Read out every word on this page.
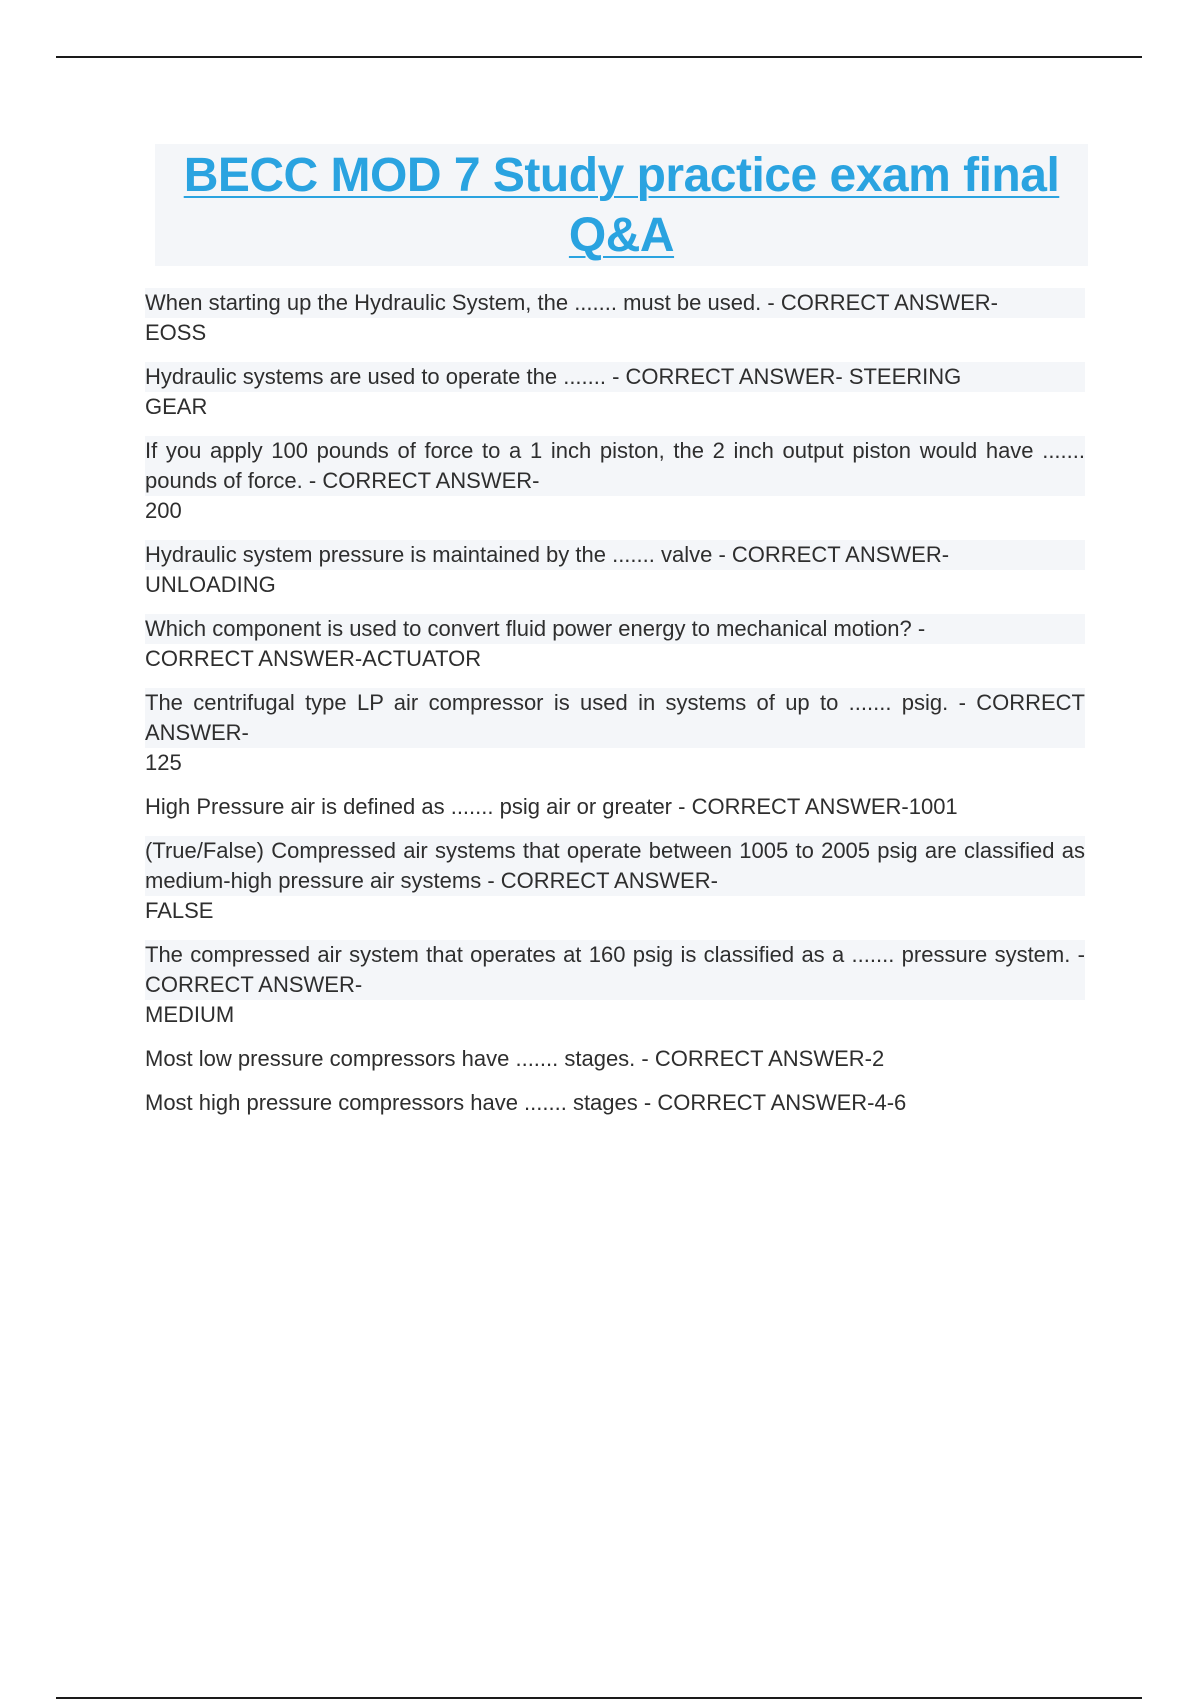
BECC MOD 7 Study practice exam final Q&A
When starting up the Hydraulic System, the ....... must be used. - CORRECT ANSWER-
EOSS
Hydraulic systems are used to operate the ....... - CORRECT ANSWER- STEERING
GEAR
If you apply 100 pounds of force to a 1 inch piston, the 2 inch output piston would have ....... pounds of force. - CORRECT ANSWER-
200
Hydraulic system pressure is maintained by the ....... valve - CORRECT ANSWER-
UNLOADING
Which component is used to convert fluid power energy to mechanical motion? -
CORRECT ANSWER-ACTUATOR
The centrifugal type LP air compressor is used in systems of up to ....... psig. - CORRECT ANSWER-
125
High Pressure air is defined as ....... psig air or greater - CORRECT ANSWER-1001
(True/False) Compressed air systems that operate between 1005 to 2005 psig are classified as medium-high pressure air systems - CORRECT ANSWER-
FALSE
The compressed air system that operates at 160 psig is classified as a ....... pressure system. - CORRECT ANSWER-
MEDIUM
Most low pressure compressors have ....... stages. - CORRECT ANSWER-2
Most high pressure compressors have ....... stages - CORRECT ANSWER-4-6
